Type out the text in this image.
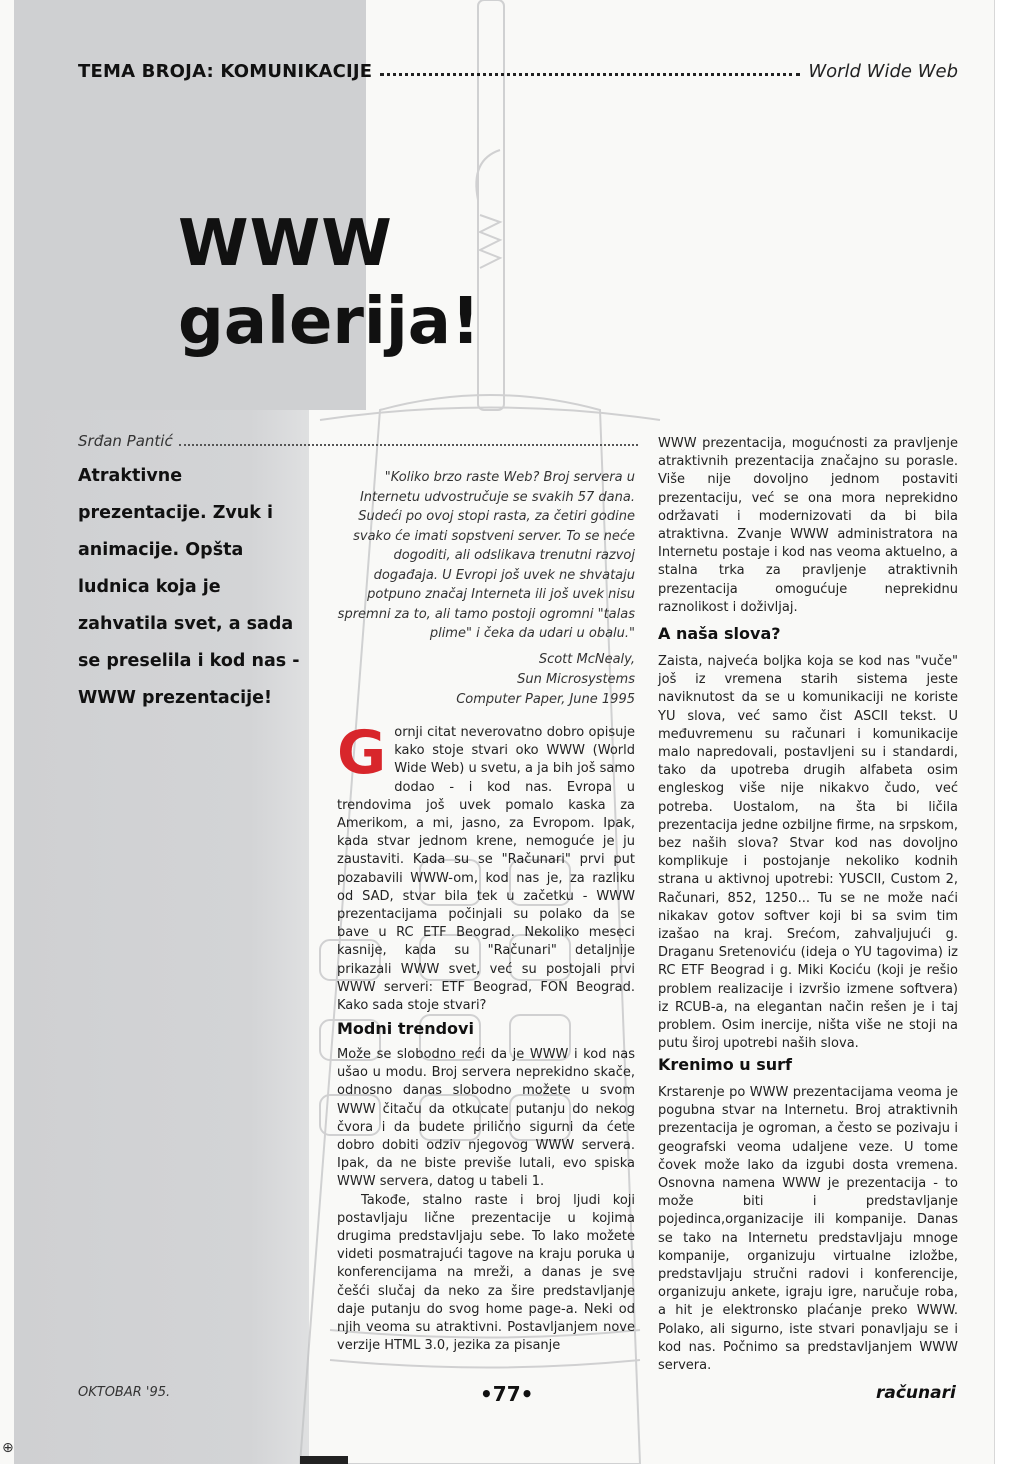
TEMA BROJA: KOMUNIKACIJE	World Wide Web
WWW
galerija!
Srđan Pantić
Atraktivne prezentacije. Zvuk i animacije. Opšta ludnica koja je zahvatila svet, a sada se preselila i kod nas - WWW prezentacije!
"Koliko brzo raste Web? Broj servera u Internetu udvostručuje se svakih 57 dana. Sudeći po ovoj stopi rasta, za četiri godine svako će imati sopstveni server. To se neće dogoditi, ali odslikava trenutni razvoj događaja. U Evropi još uvek ne shvataju potpuno značaj Interneta ili još uvek nisu spremni za to, ali tamo postoji ogromni "talas plime" i čeka da udari u obalu."
Scott McNealy,
Sun Microsystems
Computer Paper, June 1995
Gornji citat neverovatno dobro opisuje kako stoje stvari oko WWW (World Wide Web) u svetu, a ja bih još samo dodao - i kod nas. Evropa u trendovima još uvek pomalo kaska za Amerikom, a mi, jasno, za Evropom. Ipak, kada stvar jednom krene, nemoguće je ju zaustaviti. Kada su se "Računari" prvi put pozabavili WWW-om, kod nas je, za razliku od SAD, stvar bila tek u začetku - WWW prezentacijama počinjali su polako da se bave u RC ETF Beograd. Nekoliko meseci kasnije, kada su "Računari" detaljnije prikazali WWW svet, već su postojali prvi WWW serveri: ETF Beograd, FON Beograd. Kako sada stoje stvari?
Modni trendovi

Može se slobodno reći da je WWW i kod nas ušao u modu. Broj servera neprekidno skače, odnosno danas slobodno možete u svom WWW čitaču da otkucate putanju do nekog čvora i da budete prilično sigurni da ćete dobro dobiti odziv njegovog WWW servera. Ipak, da ne biste previše lutali, evo spiska WWW servera, datog u tabeli 1.

Takođe, stalno raste i broj ljudi koji postavljaju lične prezentacije u kojima drugima predstavljaju sebe. To lako možete videti posmatrajući tagove na kraju poruka u konferencijama na mreži, a danas je sve češći slučaj da neko za šire predstavljanje daje putanju do svog home page-a. Neki od njih veoma su atraktivni. Postavljanjem nove verzije HTML 3.0, jezika za pisanje

WWW prezentacija, mogućnosti za pravljenje atraktivnih prezentacija značajno su porasle. Više nije dovoljno jednom postaviti prezentaciju, već se ona mora neprekidno održavati i modernizovati da bi bila atraktivna. Zvanje WWW administratora na Internetu postaje i kod nas veoma aktuelno, a stalna trka za pravljenje atraktivnih prezentacija omogućuje neprekidnu raznolikost i doživljaj.
A naša slova?
Zaista, najveća boljka koja se kod nas "vuče" još iz vremena starih sistema jeste naviknutost da se u komunikaciji ne koriste YU slova, već samo čist ASCII tekst. U međuvremenu su računari i komunikacije malo napredovali, postavljeni su i standardi, tako da upotreba drugih alfabeta osim engleskog više nije nikakvo čudo, već potreba. Uostalom, na šta bi ličila prezentacija jedne ozbiljne firme, na srpskom, bez naših slova? Stvar kod nas dovoljno komplikuje i postojanje nekoliko kodnih strana u aktivnoj upotrebi: YUSCII, Custom 2, Računari, 852, 1250... Tu se ne može naći nikakav gotov softver koji bi sa svim tim izašao na kraj. Srećom, zahvaljujući g. Draganu Sretenoviću (ideja o YU tagovima) iz RC ETF Beograd i g. Miki Kociću (koji je rešio problem realizacije i izvršio izmene softvera) iz RCUB-a, na elegantan način rešen je i taj problem. Osim inercije, ništa više ne stoji na putu široj upotrebi naših slova.
Krenimo u surf
Krstarenje po WWW prezentacijama veoma je pogubna stvar na Internetu. Broj atraktivnih prezentacija je ogroman, a često se pozivaju i geografski veoma udaljene veze. U tome čovek može lako da izgubi dosta vremena. Osnovna namena WWW je prezentacija - to može biti i predstavljanje pojedinca,organizacije ili kompanije. Danas se tako na Internetu predstavljaju mnoge kompanije, organizuju virtualne izložbe, predstavljaju stručni radovi i konferencije, organizuju ankete, igraju igre, naručuje roba, a hit je elektronsko plaćanje preko WWW. Polako, ali sigurno, iste stvari ponavljaju se i kod nas. Počnimo sa predstavljanjem WWW servera.
OKTOBAR '95.	•77•	računari
⊕
